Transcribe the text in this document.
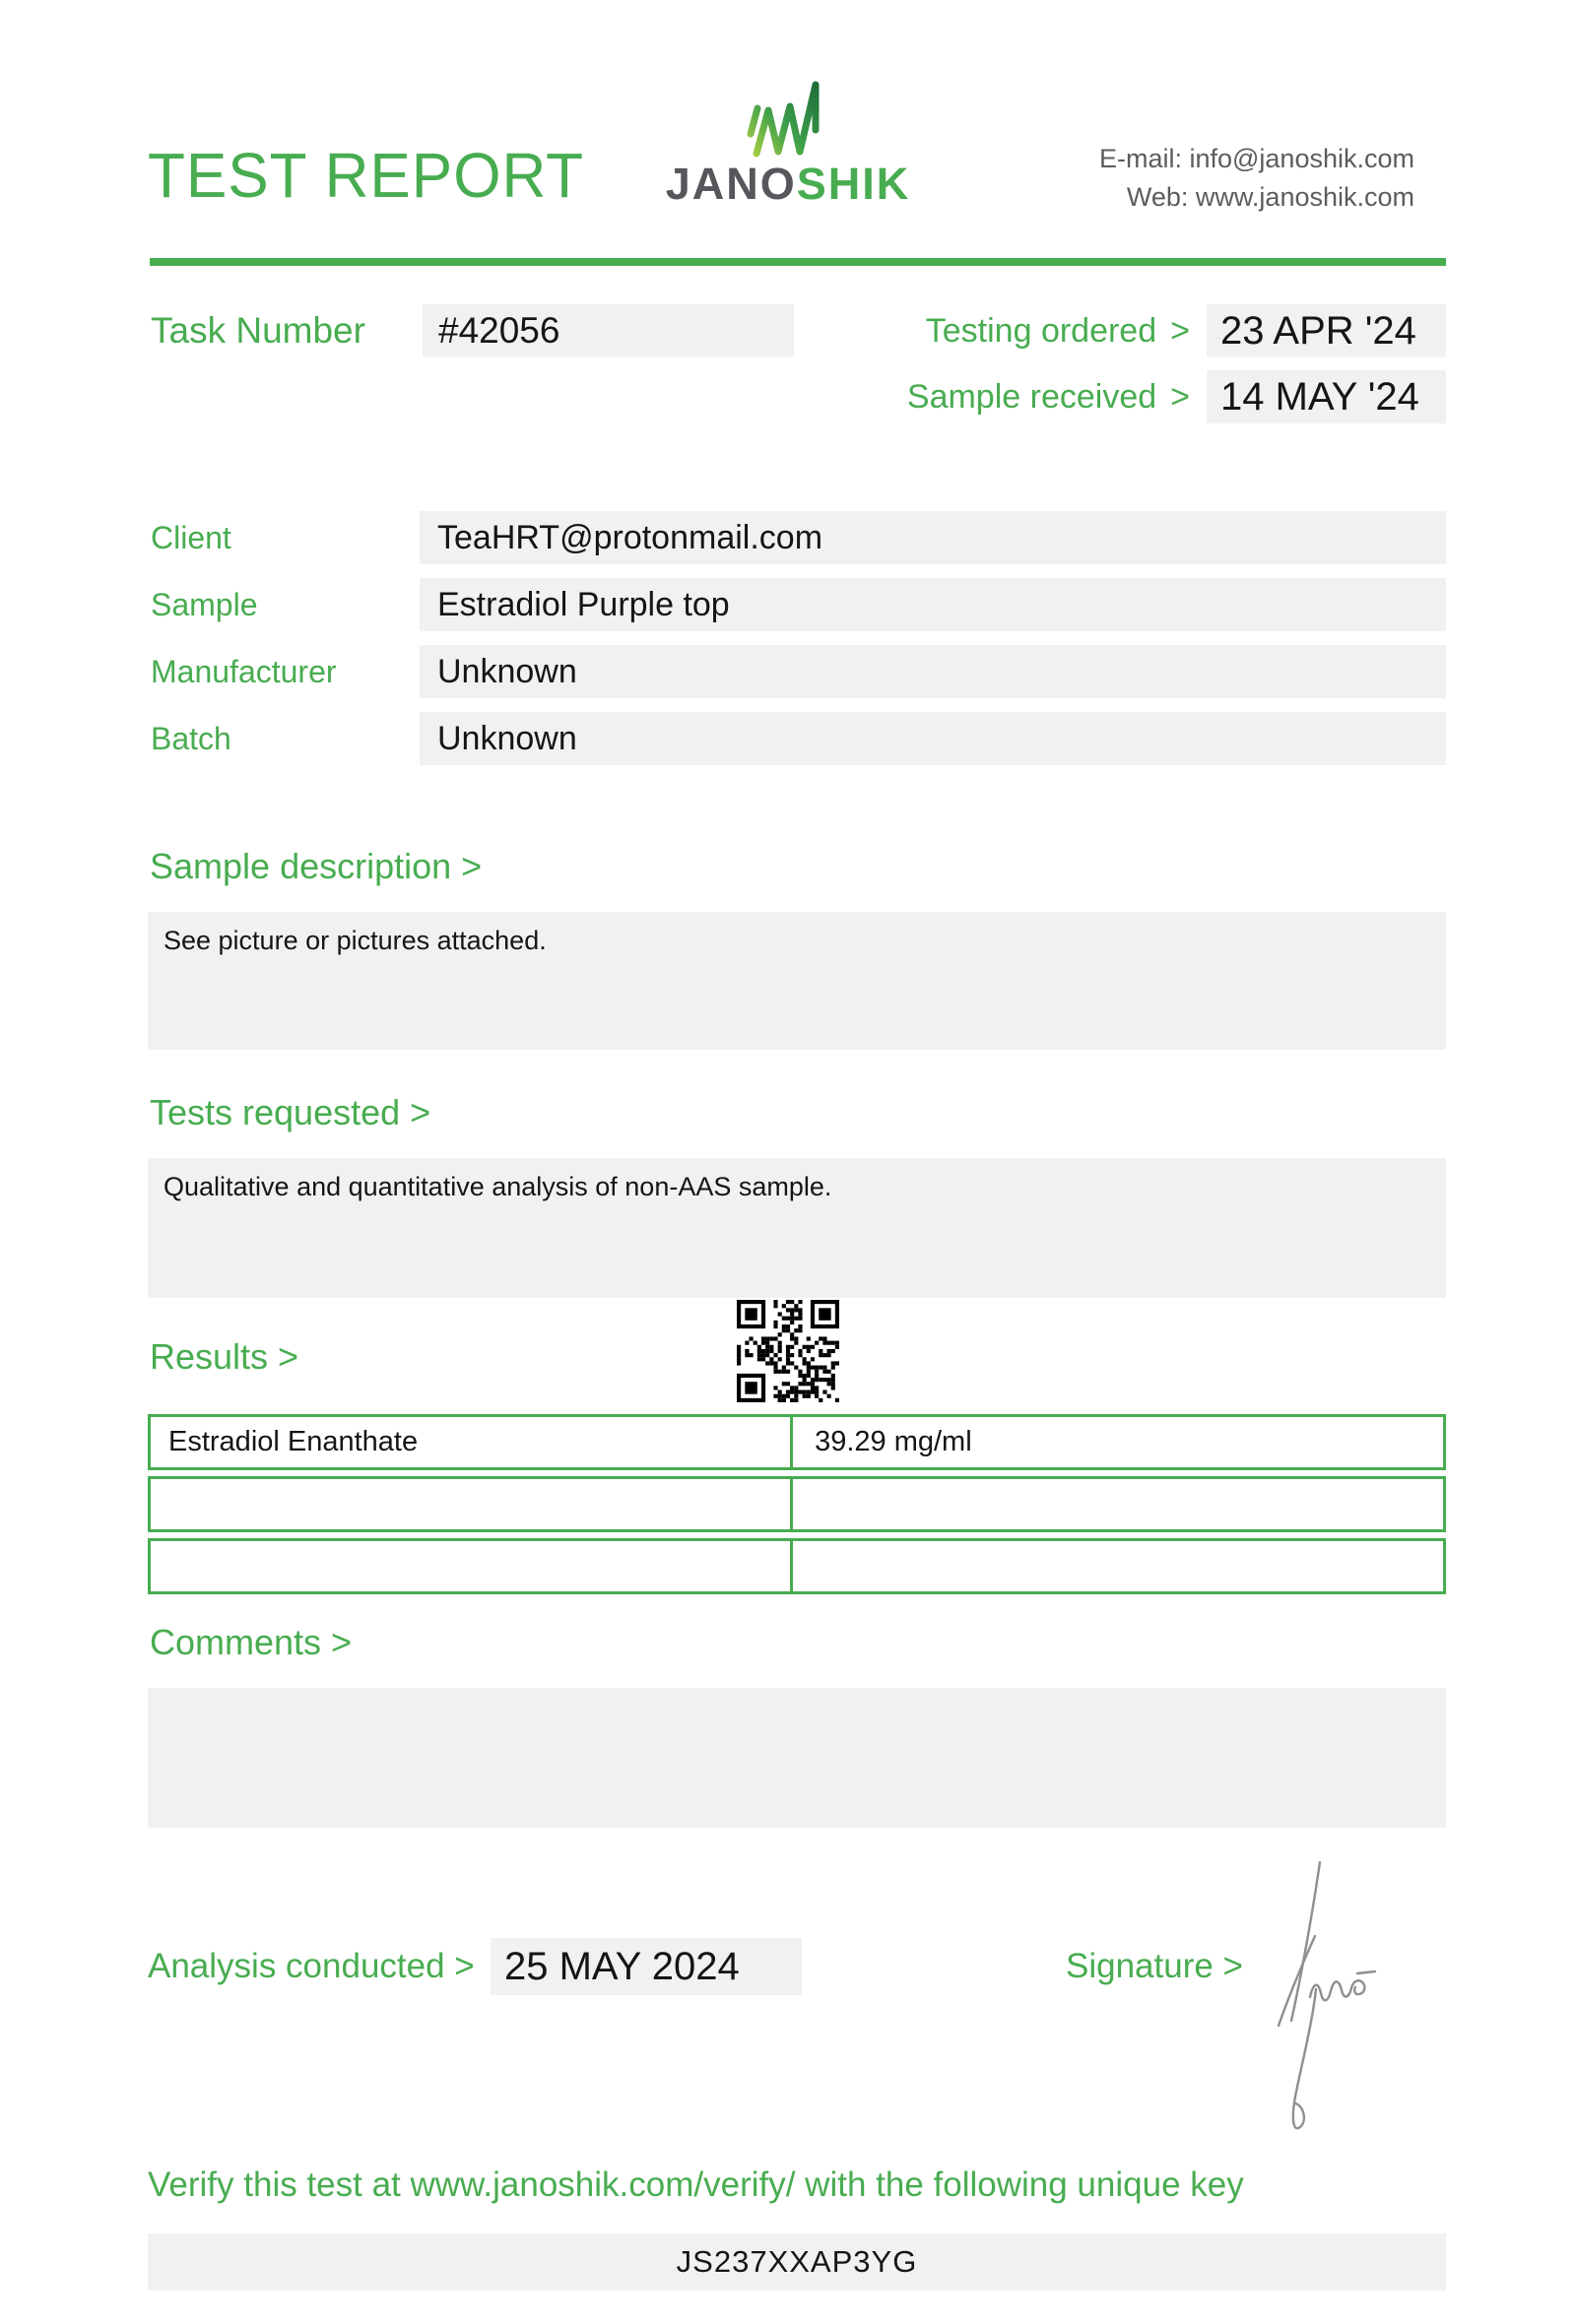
TEST REPORT	JANOSHIK	E-mail: info@janoshik.com
Web: www.janoshik.com
Task Number	#42056	Testing ordered > 23 APR '24
Sample received > 14 MAY '24
Client	TeaHRT@protonmail.com
Sample	Estradiol Purple top
Manufacturer	Unknown
Batch	Unknown
Sample description >
See picture or pictures attached.
Tests requested >
Qualitative and quantitative analysis of non-AAS sample.
Results >
Estradiol Enanthate	39.29 mg/ml
Comments >
Analysis conducted > 25 MAY 2024	Signature >
Verify this test at www.janoshik.com/verify/ with the following unique key
JS237XXAP3YG
